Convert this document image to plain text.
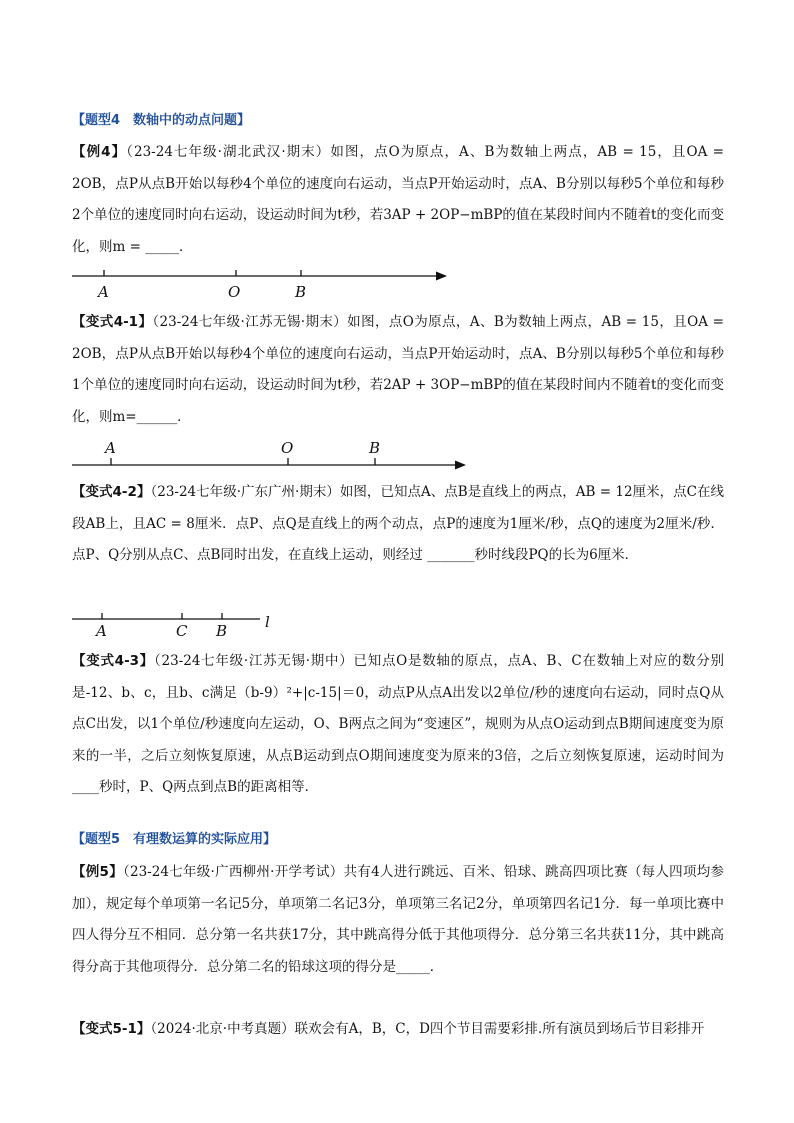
【题型4　数轴中的动点问题】
【例4】（23-24七年级·湖北武汉·期末）如图，点O为原点，A、B为数轴上两点，AB = 15，且OA = 2OB，点P从点B开始以每秒4个单位的速度向右运动，当点P开始运动时，点A、B分别以每秒5个单位和每秒2个单位的速度同时向右运动，设运动时间为t秒，若3AP + 2OP−mBP的值在某段时间内不随着t的变化而变化，则m = _____．
A	O	B
A	O	B
A	C B	l
【变式4-1】（23-24七年级·江苏无锡·期末）如图，点O为原点，A、B为数轴上两点，AB = 15，且OA = 2OB，点P从点B开始以每秒4个单位的速度向右运动，当点P开始运动时，点A、B分别以每秒5个单位和每秒1个单位的速度同时向右运动，设运动时间为t秒，若2AP + 3OP−mBP的值在某段时间内不随着t的变化而变化，则m=______．
【变式4-2】（23-24七年级·广东广州·期末）如图，已知点A、点B是直线上的两点，AB = 12厘米，点C在线段AB上，且AC = 8厘米．点P、点Q是直线上的两个动点，点P的速度为1厘米/秒，点Q的速度为2厘米/秒．点P、Q分别从点C、点B同时出发，在直线上运动，则经过 _______秒时线段PQ的长为6厘米．
【变式4-3】（23-24七年级·江苏无锡·期中）已知点O是数轴的原点，点A、B、C在数轴上对应的数分别是-12、b、c，且b、c满足（b-9）²+|c-15|＝0，动点P从点A出发以2单位/秒的速度向右运动，同时点Q从点C出发，以1个单位/秒速度向左运动，O、B两点之间为“变速区”，规则为从点O运动到点B期间速度变为原来的一半，之后立刻恢复原速，从点B运动到点O期间速度变为原来的3倍，之后立刻恢复原速，运动时间为 ____秒时，P、Q两点到点B的距离相等．
【题型5　有理数运算的实际应用】
【例5】（23-24七年级·广西柳州·开学考试）共有4人进行跳远、百米、铅球、跳高四项比赛（每人四项均参加），规定每个单项第一名记5分，单项第二名记3分，单项第三名记2分，单项第四名记1分．每一单项比赛中四人得分互不相同．总分第一名共获17分，其中跳高得分低于其他项得分．总分第三名共获11分，其中跳高得分高于其他项得分．总分第二名的铅球这项的得分是_____．
【变式5-1】（2024·北京·中考真题）联欢会有A，B，C，D四个节目需要彩排.所有演员到场后节目彩排开
